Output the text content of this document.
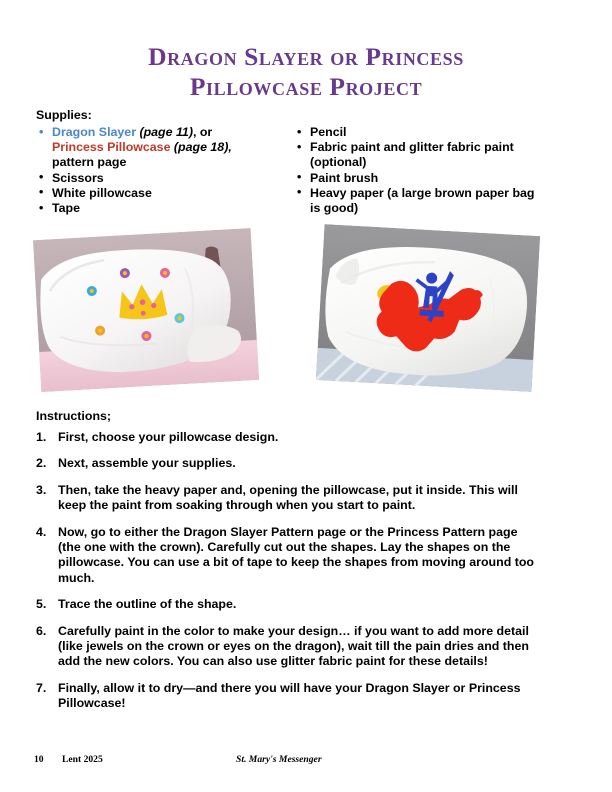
Dragon Slayer or Princess
Pillowcase Project
Supplies:
• Dragon Slayer (page 11), or
Princess Pillowcase (page 18),
pattern page
• Scissors
• White pillowcase
• Tape
• Pencil
• Fabric paint and glitter fabric paint (optional)
• Paint brush
• Heavy paper (a large brown paper bag is good)
Instructions;
1. First, choose your pillowcase design.
2. Next, assemble your supplies.
3. Then, take the heavy paper and, opening the pillowcase, put it inside. This will keep the paint from soaking through when you start to paint.
4. Now, go to either the Dragon Slayer Pattern page or the Princess Pattern page (the one with the crown). Carefully cut out the shapes. Lay the shapes on the pillowcase. You can use a bit of tape to keep the shapes from moving around too much.
5. Trace the outline of the shape.
6. Carefully paint in the color to make your design… if you want to add more detail (like jewels on the crown or eyes on the dragon), wait till the pain dries and then add the new colors. You can also use glitter fabric paint for these details!
7. Finally, allow it to dry—and there you will have your Dragon Slayer or Princess Pillowcase!
10 Lent 2025	St. Mary's Messenger
